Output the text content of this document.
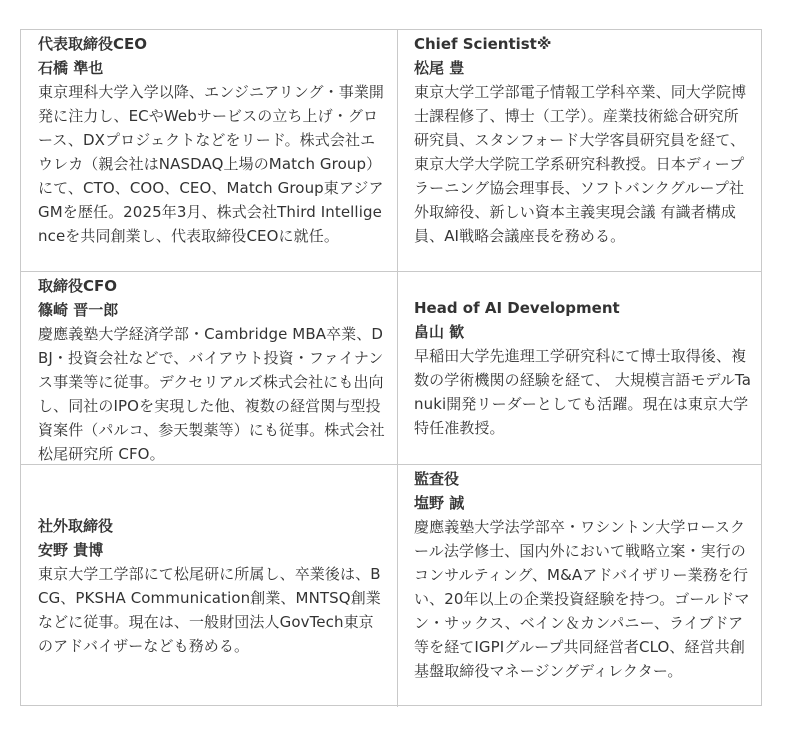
代表取締役CEO
石橋 準也
東京理科大学入学以降、エンジニアリング・事業開発に注力し、ECやWebサービスの立ち上げ・グロース、DXプロジェクトなどをリード。株式会社エウレカ（親会社はNASDAQ上場のMatch Group）にて、CTO、COO、CEO、Match Group東アジアGMを歴任。2025年3月、株式会社Third Intelligenceを共同創業し、代表取締役CEOに就任。
Chief Scientist※
松尾 豊
東京大学工学部電子情報工学科卒業、同大学院博士課程修了、博士（工学）。産業技術総合研究所研究員、スタンフォード大学客員研究員を経て、東京大学大学院工学系研究科教授。日本ディープラーニング協会理事長、ソフトバンクグループ社外取締役、新しい資本主義実現会議 有識者構成員、AI戦略会議座長を務める。
取締役CFO
篠崎 晋一郎
慶應義塾大学経済学部・Cambridge MBA卒業、DBJ・投資会社などで、バイアウト投資・ファイナンス事業等に従事。デクセリアルズ株式会社にも出向し、同社のIPOを実現した他、複数の経営関与型投資案件（パルコ、参天製薬等）にも従事。株式会社松尾研究所 CFO。
Head of AI Development
畠山 歓
早稲田大学先進理工学研究科にて博士取得後、複数の学術機関の経験を経て、 大規模言語モデルTanuki開発リーダーとしても活躍。現在は東京大学特任准教授。
社外取締役
安野 貴博
東京大学工学部にて松尾研に所属し、卒業後は、BCG、PKSHA Communication創業、MNTSQ創業などに従事。現在は、一般財団法人GovTech東京のアドバイザーなども務める。
監査役
塩野 誠
慶應義塾大学法学部卒・ワシントン大学ロースクール法学修士、国内外において戦略立案・実行のコンサルティング、M&Aアドバイザリー業務を行い、20年以上の企業投資経験を持つ。ゴールドマン・サックス、ベイン＆カンパニー、ライブドア等を経てIGPIグループ共同経営者CLO、経営共創基盤取締役マネージングディレクター。
